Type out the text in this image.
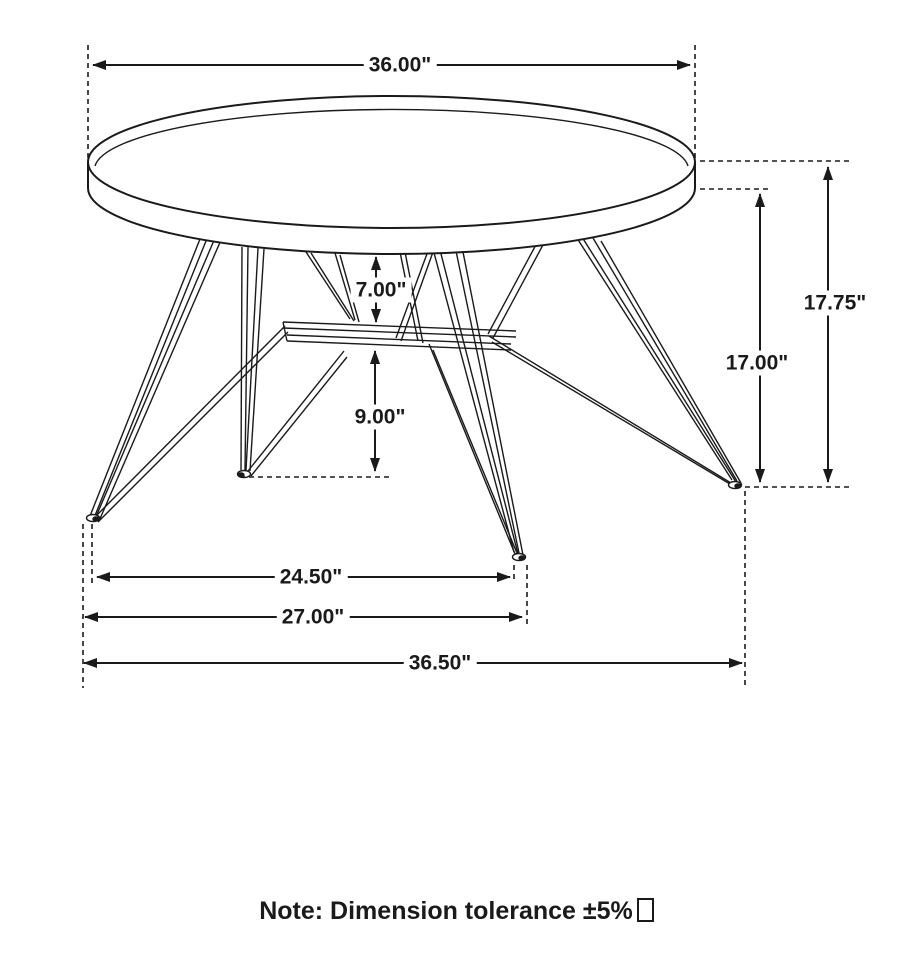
36.00"
17.75"
17.00"
7.00"
9.00"
24.50"
27.00"
36.50"
Note: Dimension tolerance ±5%
